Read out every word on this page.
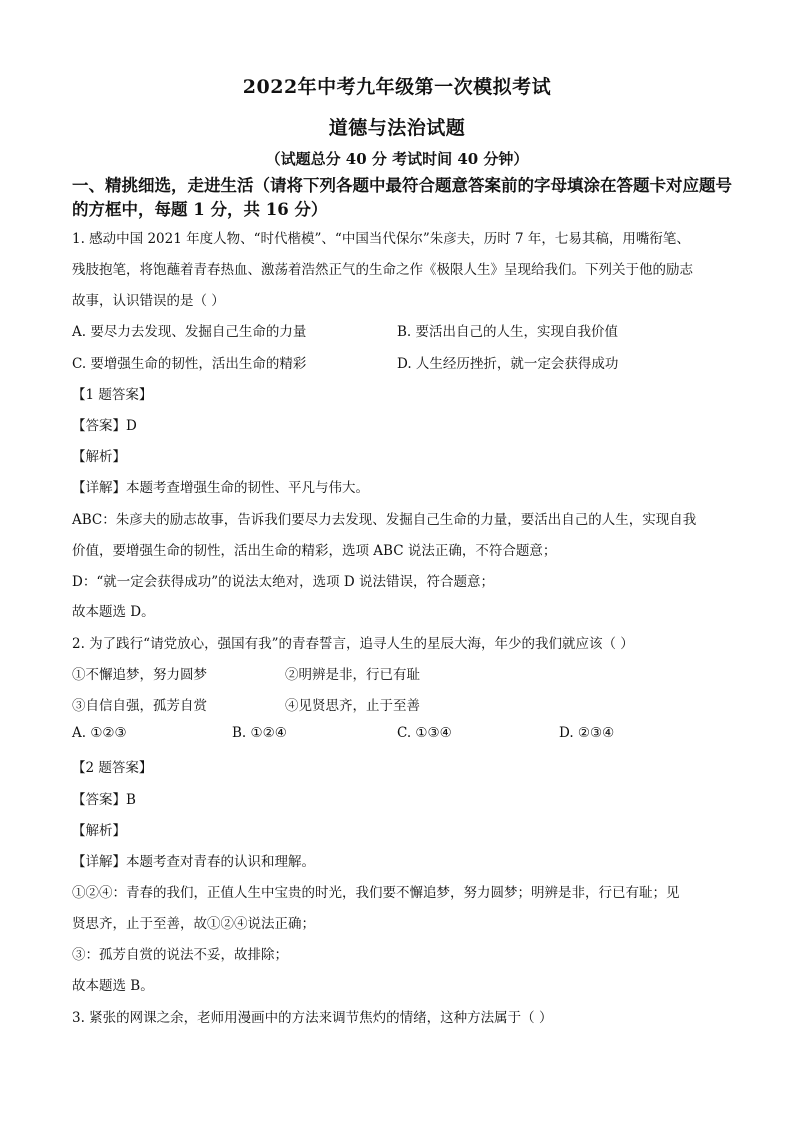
2022年中考九年级第一次模拟考试
道德与法治试题
（试题总分 40 分 考试时间 40 分钟）
一、精挑细选，走进生活（请将下列各题中最符合题意答案前的字母填涂在答题卡对应题号
的方框中，每题 1 分，共 16 分）
1. 感动中国 2021 年度人物、“时代楷模”、“中国当代保尔”朱彦夫，历时 7 年，七易其稿，用嘴衔笔、
残肢抱笔，将饱蘸着青春热血、激荡着浩然正气的生命之作《极限人生》呈现给我们。下列关于他的励志
故事，认识错误的是（ ）
A. 要尽力去发现、发掘自己生命的力量	B. 要活出自己的人生，实现自我价值
C. 要增强生命的韧性，活出生命的精彩	D. 人生经历挫折，就一定会获得成功
【1 题答案】
【答案】D
【解析】
【详解】本题考查增强生命的韧性、平凡与伟大。
ABC：朱彦夫的励志故事，告诉我们要尽力去发现、发掘自己生命的力量，要活出自己的人生，实现自我
价值，要增强生命的韧性，活出生命的精彩，选项 ABC 说法正确，不符合题意；
D：“就一定会获得成功”的说法太绝对，选项 D 说法错误，符合题意；
故本题选 D。
2. 为了践行“请党放心，强国有我”的青春誓言，追寻人生的星辰大海，年少的我们就应该（ ）
①不懈追梦，努力圆梦	②明辨是非，行已有耻
③自信自强，孤芳自赏	④见贤思齐，止于至善
A. ①②③	B. ①②④	C. ①③④	D. ②③④
【2 题答案】
【答案】B
【解析】
【详解】本题考查对青春的认识和理解。
①②④：青春的我们，正值人生中宝贵的时光，我们要不懈追梦，努力圆梦；明辨是非，行已有耻；见
贤思齐，止于至善，故①②④说法正确；
③：孤芳自赏的说法不妥，故排除；
故本题选 B。
3. 紧张的网课之余，老师用漫画中的方法来调节焦灼的情绪，这种方法属于（ ）
